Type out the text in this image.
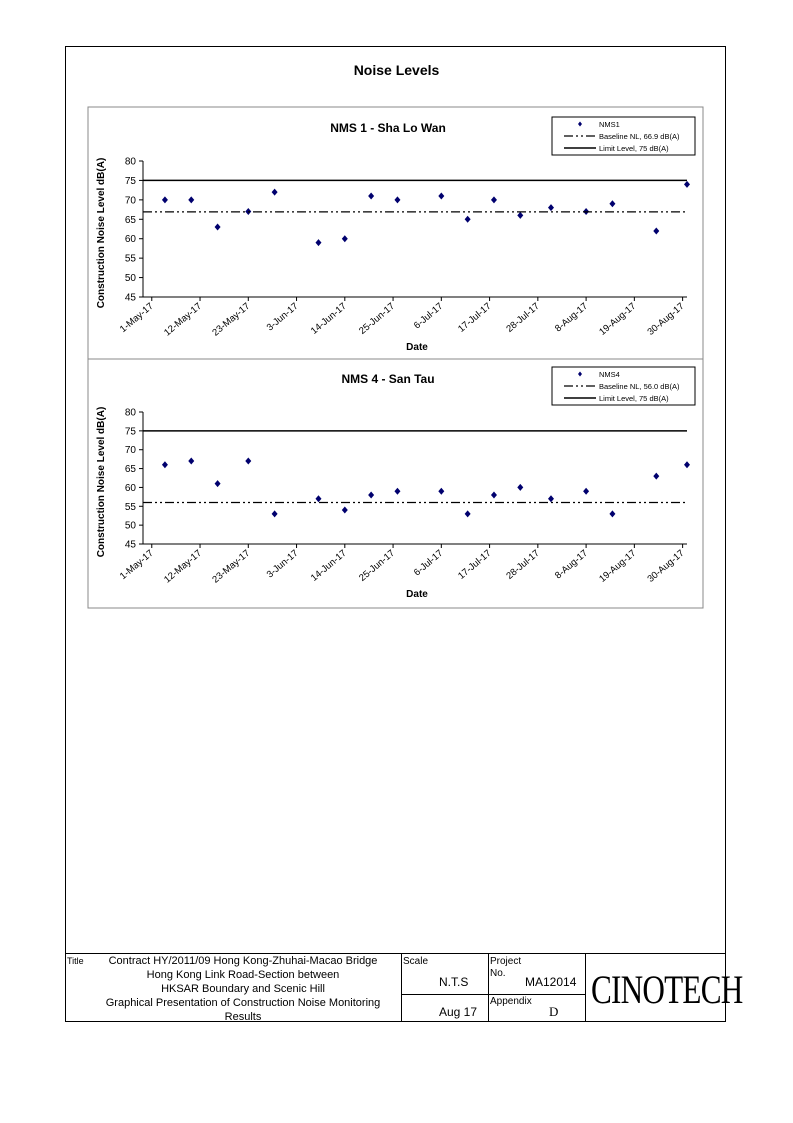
Noise Levels
NMS 1 - Sha Lo Wan
45
50
55
60
65
70
75
80
1-May-17 12-May-17 23-May-17 3-Jun-17 14-Jun-17 25-Jun-17 6-Jul-17 17-Jul-17 28-Jul-17 8-Aug-17 19-Aug-17 30-Aug-17
Date
Construction Noise Level dB(A)
NMS1
Baseline NL, 66.9 dB(A)
Limit Level, 75 dB(A)
NMS 4 - San Tau
45
50
55
60
65
70
75
80
1-May-17 12-May-17 23-May-17 3-Jun-17 14-Jun-17 25-Jun-17 6-Jul-17 17-Jul-17 28-Jul-17 8-Aug-17 19-Aug-17 30-Aug-17
Date
Construction Noise Level dB(A)
NMS4
Baseline NL, 56.0 dB(A)
Limit Level, 75 dB(A)
Title	Contract HY/2011/09 Hong Kong-Zhuhai-Macao Bridge
Hong Kong Link Road-Section between
HKSAR Boundary and Scenic Hill
Graphical Presentation of Construction Noise Monitoring
Results
Scale
N.T.S
Aug 17
Project
No.
MA12014
Appendix
D CINOTECH
